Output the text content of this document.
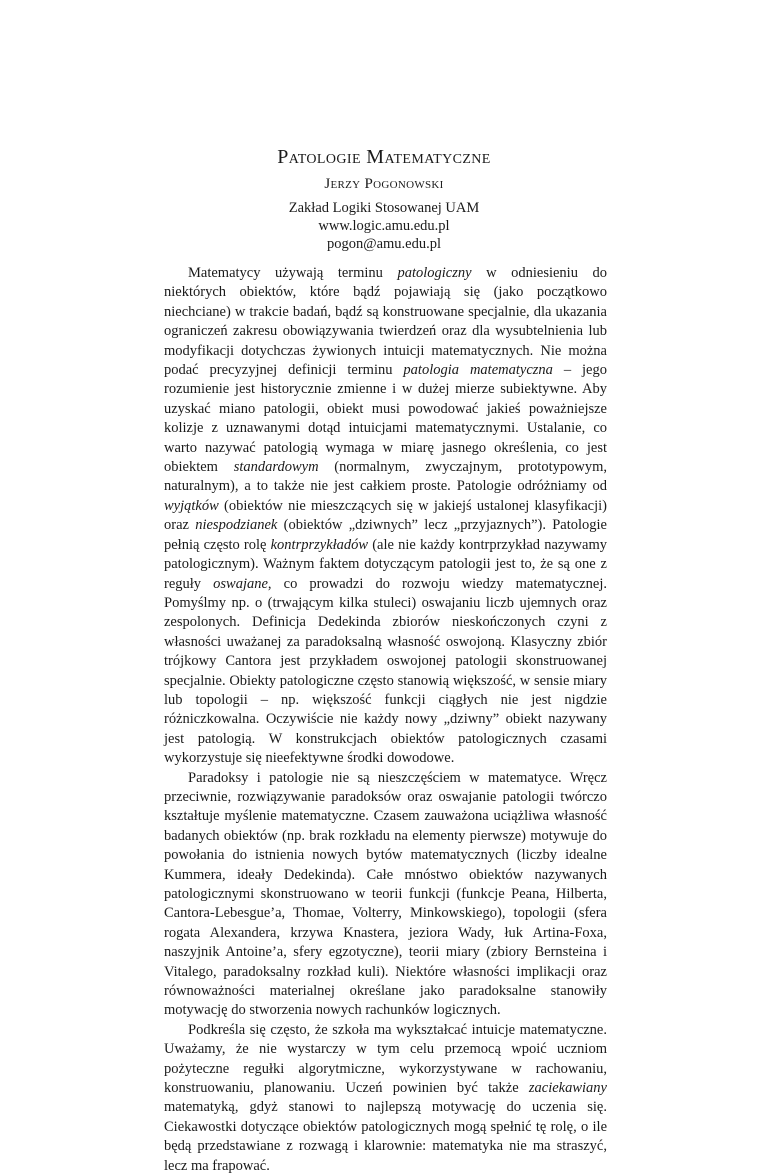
Patologie Matematyczne
Jerzy Pogonowski
Zakład Logiki Stosowanej UAM
www.logic.amu.edu.pl
pogon@amu.edu.pl

Matematycy używają terminu patologiczny w odniesieniu do niektórych obiektów, które bądź pojawiają się (jako początkowo niechciane) w trakcie badań, bądź są konstruowane specjalnie, dla ukazania ograniczeń zakresu obowiązywania twierdzeń oraz dla wysubtelnienia lub modyfikacji dotychczas żywionych intuicji matematycznych. Nie można podać precyzyjnej definicji terminu patologia matematyczna – jego rozumienie jest historycznie zmienne i w dużej mierze subiektywne. Aby uzyskać miano patologii, obiekt musi powodować jakieś poważniejsze kolizje z uznawanymi dotąd intuicjami matematycznymi. Ustalanie, co warto nazywać patologią wymaga w miarę jasnego określenia, co jest obiektem standardowym (normalnym, zwyczajnym, prototypowym, naturalnym), a to także nie jest całkiem proste. Patologie odróżniamy od wyjątków (obiektów nie mieszczących się w jakiejś ustalonej klasyfikacji) oraz niespodzianek (obiektów „dziwnych” lecz „przyjaznych”). Patologie pełnią często rolę kontrprzykładów (ale nie każdy kontrprzykład nazywamy patologicznym). Ważnym faktem dotyczącym patologii jest to, że są one z reguły oswajane, co prowadzi do rozwoju wiedzy matematycznej. Pomyślmy np. o (trwającym kilka stuleci) oswajaniu liczb ujemnych oraz zespolonych. Definicja Dedekinda zbiorów nieskończonych czyni z własności uważanej za paradoksalną własność oswojoną. Klasyczny zbiór trójkowy Cantora jest przykładem oswojonej patologii skonstruowanej specjalnie. Obiekty patologiczne często stanowią większość, w sensie miary lub topologii – np. większość funkcji ciągłych nie jest nigdzie różniczkowalna. Oczywiście nie każdy nowy „dziwny” obiekt nazywany jest patologią. W konstrukcjach obiektów patologicznych czasami wykorzystuje się nieefektywne środki dowodowe.

Paradoksy i patologie nie są nieszczęściem w matematyce. Wręcz przeciwnie, rozwiązywanie paradoksów oraz oswajanie patologii twórczo kształtuje myślenie matematyczne. Czasem zauważona uciążliwa własność badanych obiektów (np. brak rozkładu na elementy pierwsze) motywuje do powołania do istnienia nowych bytów matematycznych (liczby idealne Kummera, ideały Dedekinda). Całe mnóstwo obiektów nazywanych patologicznymi skonstruowano w teorii funkcji (funkcje Peana, Hilberta, Cantora-Lebesgue’a, Thomae, Volterry, Minkowskiego), topologii (sfera rogata Alexandera, krzywa Knastera, jeziora Wady, łuk Artina-Foxa, naszyjnik Antoine’a, sfery egzotyczne), teorii miary (zbiory Bernsteina i Vitalego, paradoksalny rozkład kuli). Niektóre własności implikacji oraz równoważności materialnej określane jako paradoksalne stanowiły motywację do stworzenia nowych rachunków logicznych.

Podkreśla się często, że szkoła ma wykształcać intuicje matematyczne. Uważamy, że nie wystarczy w tym celu przemocą wpoić uczniom pożyteczne regułki algorytmiczne, wykorzystywane w rachowaniu, konstruowaniu, planowaniu. Uczeń powinien być także zaciekawiany matematyką, gdyż stanowi to najlepszą motywację do uczenia się. Ciekawostki dotyczące obiektów patologicznych mogą spełnić tę rolę, o ile będą przedstawiane z rozwagą i klarownie: matematyka nie ma straszyć, lecz ma frapować.
